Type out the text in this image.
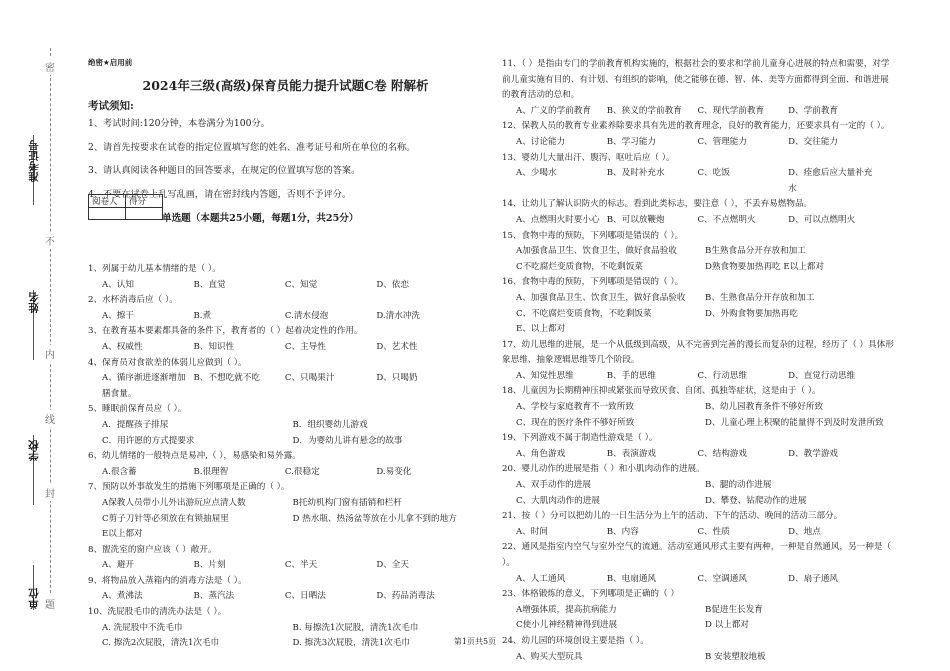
准考证号
姓名
学校
单位
密
不
内
线
封
题
绝密★启用前
2024年三级(高级)保育员能力提升试题C卷 附解析
考试须知:
1、考试时间:120分钟，本卷满分为100分。
2、请首先按要求在试卷的指定位置填写您的姓名、准考证号和所在单位的名称。
3、请认真阅读各种题目的回答要求，在规定的位置填写您的答案。
4、不要在试卷上乱写乱画，请在密封线内答题，否则不予评分。
阅卷人	得分

单选题（本题共25小题，每题1分，共25分）
1、列属于幼儿基本情绪的是（ ）。
A、认知	B、直觉	C、知觉	D、依恋
2、水杯消毒后应（ ）。
A、擦干	B.煮	C.清水侵泡	D.清水冲洗
3、在教育基本要素都具备的条件下，教育者的（ ）起着决定性的作用。
A、权威性	B、知识性	C、主导性	D、艺术性
4、保育员对食欲差的体弱儿应做到（ ）。
A、循序渐进逐渐增加膳食量。
B、不想吃就不吃	C、只喝果汁	D、只喝奶
5、睡眠前保育员应（ ）。
A．提醒孩子排尿	B．组织婴幼儿游戏
C．用许愿的方式提要求	D．为婴幼儿讲有悬念的故事
6、幼儿情绪的一般特点是易冲,（ ），易感染和易外露。
A.很含蓄	B.很理智	C.很稳定	D.易变化
7、预防以外事故发生的措施下列哪项是正确的（ ）。
A保教人员带小儿外出游玩应点清人数	B托幼机构门窗有插销和栏杆
C剪子刀针等必须放在有锁抽屉里	D 热水瓶、热汤盆等放在小儿拿不到的地方
E以上都对
8、盥洗室的窗户应该（ ）敞开。
A、避开	B、片刻	C、半天	D、全天
9、将物品放入蒸箱内的消毒方法是（ ）。
A、煮沸法	B、蒸汽法	C、日晒法	D、药品消毒法
10、洗屁股毛巾的清洗办法是（ ）。
A. 洗屁股中不洗毛巾	B. 每擦洗1次屁股，清洗1次毛巾
C. 擦洗2次屁股，清洗1次毛巾	D. 擦洗3次屁股，清洗1次毛巾
11、（ ）是指由专门的学前教育机构实施的，根据社会的要求和学前儿童身心进展的特点和需要，对学前儿童实施有目的、有计划、有组织的影响，使之能够在德、智、体、美等方面都得到全面、和谐进展的教育活动的总和。
A、广义的学前教育	B、狭义的学前教育	C、现代学前教育	D、学前教育
12、保教人员的教育专业素养除要求具有先进的教育理念，良好的教育能力，还要求具有一定的（ ）。
A、讨论能力	B、学习能力	C、管理能力	D、交往能力
13、婴幼儿大量出汗、腹泻、呕吐后应（ ）。
A、少喝水	B、及时补充水	C、吃饭	D、痊愈后应大量补充水
14、让幼儿了解认识防火的标志。看到此类标志，要注意（ ），不丢弃易燃物品。
A、点燃明火时要小心 B、可以放鞭炮	C、不点燃明火	D、可以点燃明火
15、食物中毒的预防，下列哪项是错误的（ ）。
A加强食品卫生、饮食卫生，做好食品验收	B生熟食品分开存放和加工
C不吃腐烂变质食物，不吃剩饭菜	D熟食物要加热再吃 E以上都对
16、食物中毒的预防，下列哪项是错误的（ ）。
A、加强食品卫生、饮食卫生，做好食品验收	B、生熟食品分开存放和加工
C、不吃腐烂变质食物，不吃剩饭菜	D、外购食物要加热再吃
E、以上都对
17、幼儿思维的进展，是一个从低级到高级，从不完善到完善的漫长而复杂的过程，经历了（ ）具体形象思维、抽象逻辑思维等几个阶段。
A、知觉性思维	B、手的思维	C、行动思维	D、直觉行动思维
18、儿童因为长期精神压抑或紧张而导致厌食、自闭、孤独等症状，这是由于（ ）。
A、学校与家庭教育不一致所致	B、幼儿园教育条件不够好所致
C、现在的医疗条件不够好所致	D、儿童心理上积聚的能量得不到及时发泄所致
19、下列游戏不属于制造性游戏是（ ）。
A、角色游戏	B、表演游戏	C、结构游戏	D、教学游戏
20、婴儿动作的进展是指（ ）和小肌肉动作的进展。
A、双手动作的进展	B、腿的动作进展
C、大肌肉动作的进展	D、攀登、钻爬动作的进展
21、按（ ）分可以把幼儿的一日生活分为上午的活动、下午的活动、晚间的活动三部分。
A、时间	B、内容	C、性质	D、地点
22、通风是指室内空气与室外空气的流通。活动室通风形式主要有两种，一种是自然通风，另一种是（ ）。
A、人工通风	B、电扇通风	C、空调通风	D、扇子通风
23、体格锻炼的意义，下列哪项是正确的（ ）
A增强体质，提高抗病能力	B促进生长发育
C使小儿神经精神得到进展	D 以上都对
24、幼儿园的环境创设主要是指（ ）。
A、购买大型玩具	B 安装塑胶地板
第1页共5页
